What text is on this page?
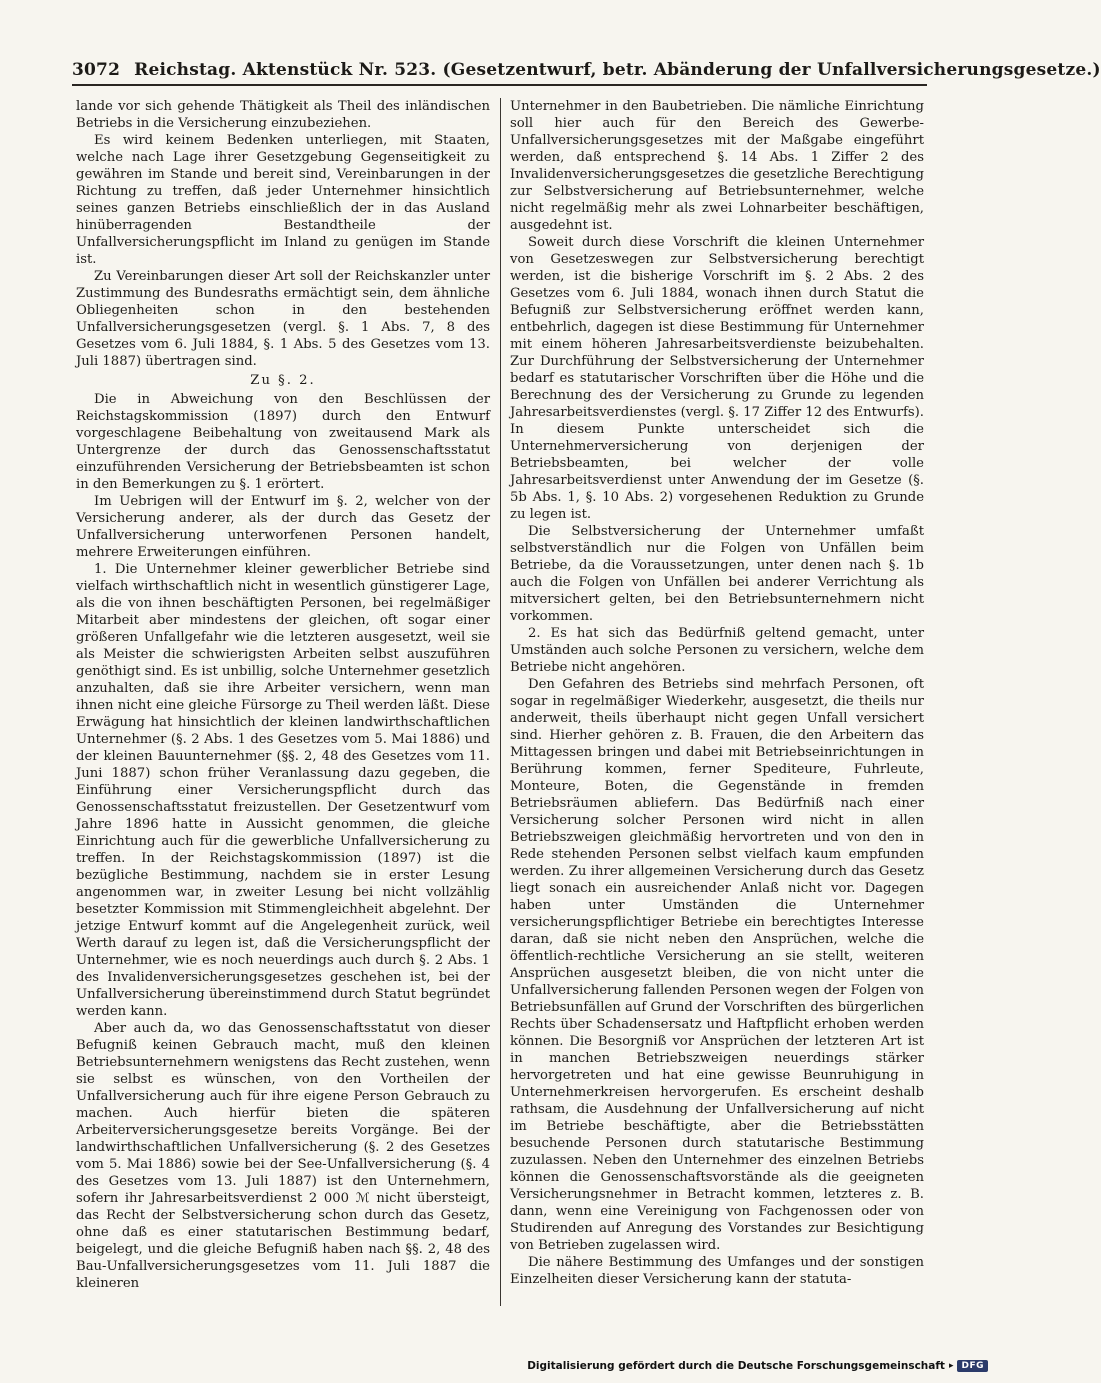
3072 Reichstag. Aktenstück Nr. 523. (Gesetzentwurf, betr. Abänderung der Unfallversicherungsgesetze.)

lande vor sich gehende Thätigkeit als Theil des inländischen Betriebs in die Versicherung einzubeziehen.

Es wird keinem Bedenken unterliegen, mit Staaten, welche nach Lage ihrer Gesetzgebung Gegenseitigkeit zu gewähren im Stande und bereit sind, Vereinbarungen in der Richtung zu treffen, daß jeder Unternehmer hinsichtlich seines ganzen Betriebs einschließlich der in das Ausland hinüberragenden Bestandtheile der Unfallversicherungspflicht im Inland zu genügen im Stande ist.

Zu Vereinbarungen dieser Art soll der Reichskanzler unter Zustimmung des Bundesraths ermächtigt sein, dem ähnliche Obliegenheiten schon in den bestehenden Unfallversicherungsgesetzen (vergl. §. 1 Abs. 7, 8 des Gesetzes vom 6. Juli 1884, §. 1 Abs. 5 des Gesetzes vom 13. Juli 1887) übertragen sind.

Zu §. 2.

Die in Abweichung von den Beschlüssen der Reichstagskommission (1897) durch den Entwurf vorgeschlagene Beibehaltung von zweitausend Mark als Untergrenze der durch das Genossenschaftsstatut einzuführenden Versicherung der Betriebsbeamten ist schon in den Bemerkungen zu §. 1 erörtert.

Im Uebrigen will der Entwurf im §. 2, welcher von der Versicherung anderer, als der durch das Gesetz der Unfallversicherung unterworfenen Personen handelt, mehrere Erweiterungen einführen.

1. Die Unternehmer kleiner gewerblicher Betriebe sind vielfach wirthschaftlich nicht in wesentlich günstigerer Lage, als die von ihnen beschäftigten Personen, bei regelmäßiger Mitarbeit aber mindestens der gleichen, oft sogar einer größeren Unfallgefahr wie die letzteren ausgesetzt, weil sie als Meister die schwierigsten Arbeiten selbst auszuführen genöthigt sind. Es ist unbillig, solche Unternehmer gesetzlich anzuhalten, daß sie ihre Arbeiter versichern, wenn man ihnen nicht eine gleiche Fürsorge zu Theil werden läßt. Diese Erwägung hat hinsichtlich der kleinen landwirthschaftlichen Unternehmer (§. 2 Abs. 1 des Gesetzes vom 5. Mai 1886) und der kleinen Bauunternehmer (§§. 2, 48 des Gesetzes vom 11. Juni 1887) schon früher Veranlassung dazu gegeben, die Einführung einer Versicherungspflicht durch das Genossenschaftsstatut freizustellen. Der Gesetzentwurf vom Jahre 1896 hatte in Aussicht genommen, die gleiche Einrichtung auch für die gewerbliche Unfallversicherung zu treffen. In der Reichstagskommission (1897) ist die bezügliche Bestimmung, nachdem sie in erster Lesung angenommen war, in zweiter Lesung bei nicht vollzählig besetzter Kommission mit Stimmengleichheit abgelehnt. Der jetzige Entwurf kommt auf die Angelegenheit zurück, weil Werth darauf zu legen ist, daß die Versicherungspflicht der Unternehmer, wie es noch neuerdings auch durch §. 2 Abs. 1 des Invalidenversicherungsgesetzes geschehen ist, bei der Unfallversicherung übereinstimmend durch Statut begründet werden kann.

Aber auch da, wo das Genossenschaftsstatut von dieser Befugniß keinen Gebrauch macht, muß den kleinen Betriebsunternehmern wenigstens das Recht zustehen, wenn sie selbst es wünschen, von den Vortheilen der Unfallversicherung auch für ihre eigene Person Gebrauch zu machen. Auch hierfür bieten die späteren Arbeiterversicherungsgesetze bereits Vorgänge. Bei der landwirthschaftlichen Unfallversicherung (§. 2 des Gesetzes vom 5. Mai 1886) sowie bei der See-Unfallversicherung (§. 4 des Gesetzes vom 13. Juli 1887) ist den Unternehmern, sofern ihr Jahresarbeitsverdienst 2 000 ℳ nicht übersteigt, das Recht der Selbstversicherung schon durch das Gesetz, ohne daß es einer statutarischen Bestimmung bedarf, beigelegt, und die gleiche Befugniß haben nach §§. 2, 48 des Bau-Unfallversicherungsgesetzes vom 11. Juli 1887 die kleineren

Unternehmer in den Baubetrieben. Die nämliche Einrichtung soll hier auch für den Bereich des Gewerbe-Unfallversicherungsgesetzes mit der Maßgabe eingeführt werden, daß entsprechend §. 14 Abs. 1 Ziffer 2 des Invalidenversicherungsgesetzes die gesetzliche Berechtigung zur Selbstversicherung auf Betriebsunternehmer, welche nicht regelmäßig mehr als zwei Lohnarbeiter beschäftigen, ausgedehnt ist.

Soweit durch diese Vorschrift die kleinen Unternehmer von Gesetzeswegen zur Selbstversicherung berechtigt werden, ist die bisherige Vorschrift im §. 2 Abs. 2 des Gesetzes vom 6. Juli 1884, wonach ihnen durch Statut die Befugniß zur Selbstversicherung eröffnet werden kann, entbehrlich, dagegen ist diese Bestimmung für Unternehmer mit einem höheren Jahresarbeitsverdienste beizubehalten. Zur Durchführung der Selbstversicherung der Unternehmer bedarf es statutarischer Vorschriften über die Höhe und die Berechnung des der Versicherung zu Grunde zu legenden Jahresarbeitsverdienstes (vergl. §. 17 Ziffer 12 des Entwurfs). In diesem Punkte unterscheidet sich die Unternehmerversicherung von derjenigen der Betriebsbeamten, bei welcher der volle Jahresarbeitsverdienst unter Anwendung der im Gesetze (§. 5b Abs. 1, §. 10 Abs. 2) vorgesehenen Reduktion zu Grunde zu legen ist.

Die Selbstversicherung der Unternehmer umfaßt selbstverständlich nur die Folgen von Unfällen beim Betriebe, da die Voraussetzungen, unter denen nach §. 1b auch die Folgen von Unfällen bei anderer Verrichtung als mitversichert gelten, bei den Betriebsunternehmern nicht vorkommen.

2. Es hat sich das Bedürfniß geltend gemacht, unter Umständen auch solche Personen zu versichern, welche dem Betriebe nicht angehören.

Den Gefahren des Betriebs sind mehrfach Personen, oft sogar in regelmäßiger Wiederkehr, ausgesetzt, die theils nur anderweit, theils überhaupt nicht gegen Unfall versichert sind. Hierher gehören z. B. Frauen, die den Arbeitern das Mittagessen bringen und dabei mit Betriebseinrichtungen in Berührung kommen, ferner Spediteure, Fuhrleute, Monteure, Boten, die Gegenstände in fremden Betriebsräumen abliefern. Das Bedürfniß nach einer Versicherung solcher Personen wird nicht in allen Betriebszweigen gleichmäßig hervortreten und von den in Rede stehenden Personen selbst vielfach kaum empfunden werden. Zu ihrer allgemeinen Versicherung durch das Gesetz liegt sonach ein ausreichender Anlaß nicht vor. Dagegen haben unter Umständen die Unternehmer versicherungspflichtiger Betriebe ein berechtigtes Interesse daran, daß sie nicht neben den Ansprüchen, welche die öffentlich-rechtliche Versicherung an sie stellt, weiteren Ansprüchen ausgesetzt bleiben, die von nicht unter die Unfallversicherung fallenden Personen wegen der Folgen von Betriebsunfällen auf Grund der Vorschriften des bürgerlichen Rechts über Schadensersatz und Haftpflicht erhoben werden können. Die Besorgniß vor Ansprüchen der letzteren Art ist in manchen Betriebszweigen neuerdings stärker hervorgetreten und hat eine gewisse Beunruhigung in Unternehmerkreisen hervorgerufen. Es erscheint deshalb rathsam, die Ausdehnung der Unfallversicherung auf nicht im Betriebe beschäftigte, aber die Betriebsstätten besuchende Personen durch statutarische Bestimmung zuzulassen. Neben den Unternehmer des einzelnen Betriebs können die Genossenschaftsvorstände als die geeigneten Versicherungsnehmer in Betracht kommen, letzteres z. B. dann, wenn eine Vereinigung von Fachgenossen oder von Studirenden auf Anregung des Vorstandes zur Besichtigung von Betrieben zugelassen wird.

Die nähere Bestimmung des Umfanges und der sonstigen Einzelheiten dieser Versicherung kann der statuta-

Digitalisierung gefördert durch die Deutsche Forschungsgemeinschaft ▸ DFG
